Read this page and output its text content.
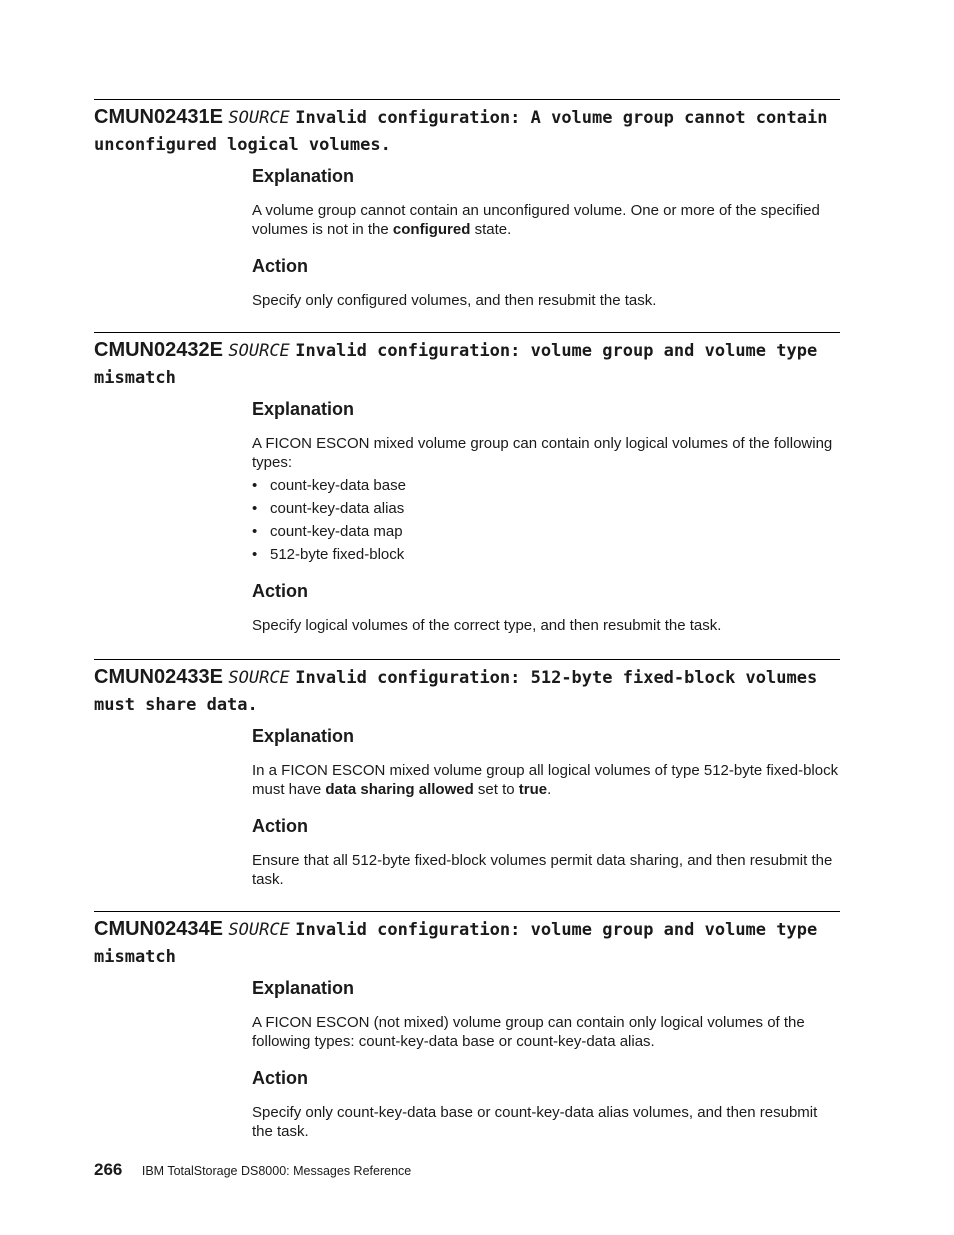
CMUN02431E SOURCE Invalid configuration: A volume group cannot contain unconfigured logical volumes.
Explanation

A volume group cannot contain an unconfigured volume. One or more of the specified volumes is not in the configured state.

Action

Specify only configured volumes, and then resubmit the task.

CMUN02432E SOURCE Invalid configuration: volume group and volume type mismatch
Explanation

A FICON ESCON mixed volume group can contain only logical volumes of the following types:

• count-key-data base
• count-key-data alias
• count-key-data map
• 512-byte fixed-block
Action

Specify logical volumes of the correct type, and then resubmit the task.

CMUN02433E SOURCE Invalid configuration: 512-byte fixed-block volumes must share data.
Explanation

In a FICON ESCON mixed volume group all logical volumes of type 512-byte fixed-block must have data sharing allowed set to true.

Action

Ensure that all 512-byte fixed-block volumes permit data sharing, and then resubmit the task.

CMUN02434E SOURCE Invalid configuration: volume group and volume type mismatch
Explanation

A FICON ESCON (not mixed) volume group can contain only logical volumes of the following types: count-key-data base or count-key-data alias.

Action

Specify only count-key-data base or count-key-data alias volumes, and then resubmit the task.

266 IBM TotalStorage DS8000: Messages Reference
